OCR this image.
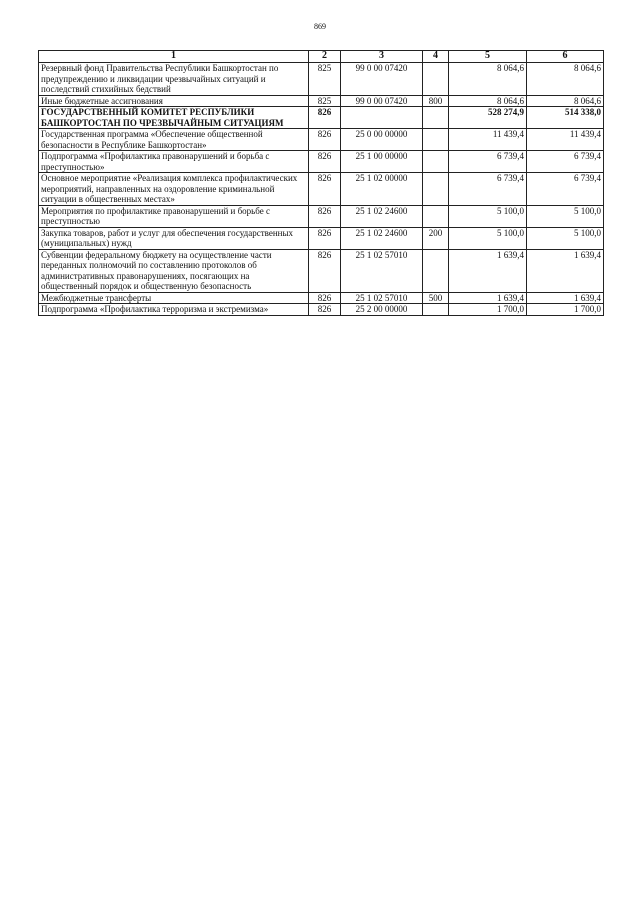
869
1	2	3	4	5	6
Резервный фонд Правительства Республики Башкортостан по предупреждению и ликвидации чрезвычайных ситуаций и последствий стихийных бедствий	825	99 0 00 07420		8 064,6	8 064,6
Иные бюджетные ассигнования	825	99 0 00 07420	800	8 064,6	8 064,6
ГОСУДАРСТВЕННЫЙ КОМИТЕТ РЕСПУБЛИКИ БАШКОРТОСТАН ПО ЧРЕЗВЫЧАЙНЫМ СИТУАЦИЯМ	826			528 274,9	514 338,0
Государственная программа «Обеспечение общественной безопасности в Республике Башкортостан»	826	25 0 00 00000		11 439,4	11 439,4
Подпрограмма «Профилактика правонарушений и борьба с преступностью»	826	25 1 00 00000		6 739,4	6 739,4
Основное мероприятие «Реализация комплекса профилактических мероприятий, направленных на оздоровление криминальной ситуации в общественных местах»	826	25 1 02 00000		6 739,4	6 739,4
Мероприятия по профилактике правонарушений и борьбе с преступностью	826	25 1 02 24600		5 100,0	5 100,0
Закупка товаров, работ и услуг для обеспечения государственных (муниципальных) нужд	826	25 1 02 24600	200	5 100,0	5 100,0
Субвенции федеральному бюджету на осуществление части переданных полномочий по составлению протоколов об административных правонарушениях, посягающих на общественный порядок и общественную безопасность	826	25 1 02 57010		1 639,4	1 639,4
Межбюджетные трансферты	826	25 1 02 57010	500	1 639,4	1 639,4
Подпрограмма «Профилактика терроризма и экстремизма»	826	25 2 00 00000		1 700,0	1 700,0
